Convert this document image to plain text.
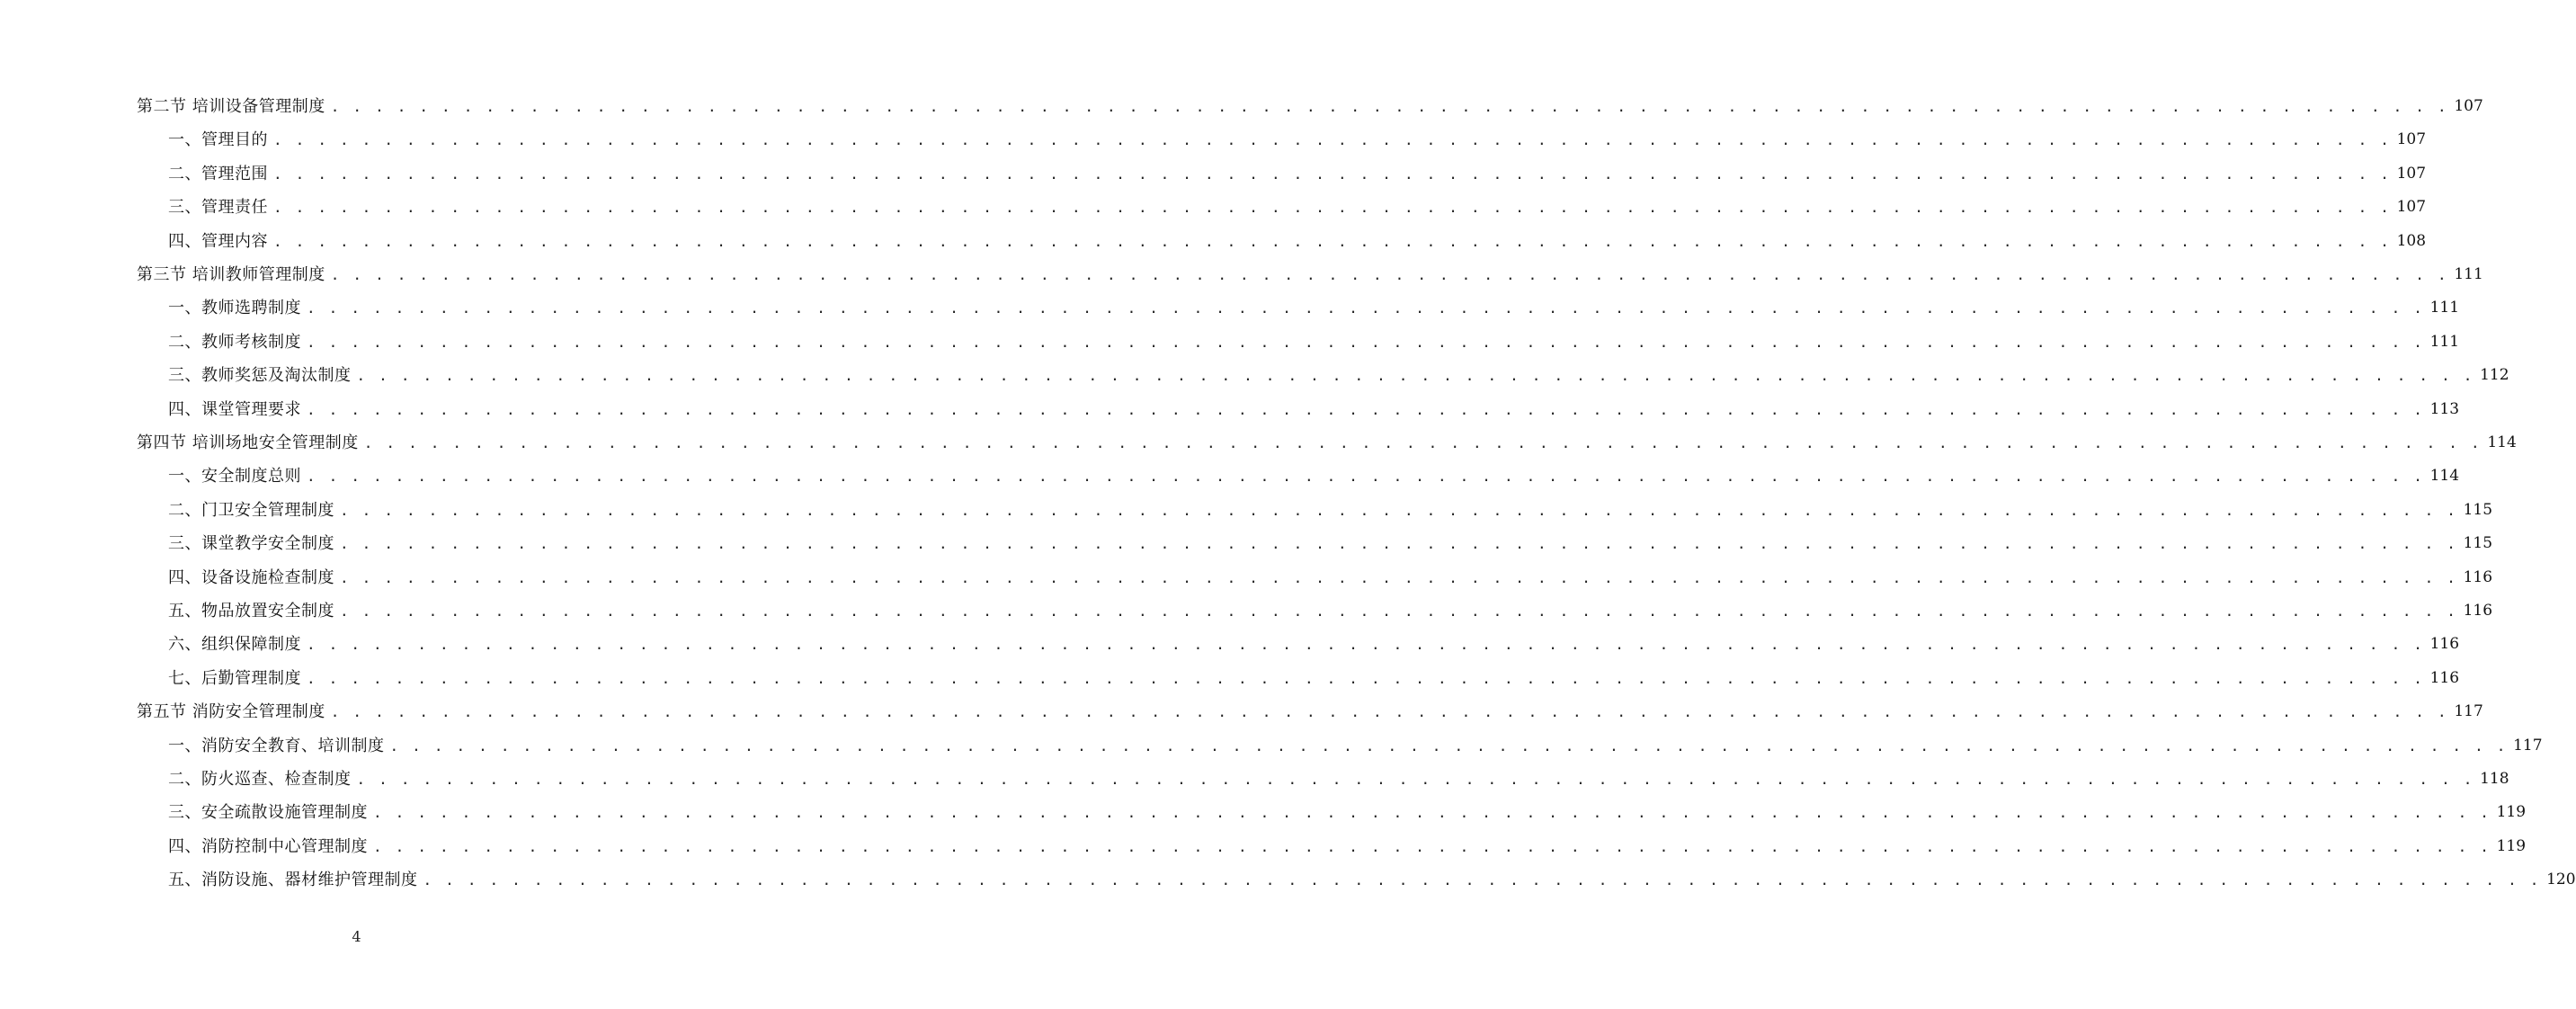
第二节 培训设备管理制度 . . . . . . . . . . . . . . . . . . . . . . . . . . . . . . . . . . . . . . . . . . . . . . . . . . . . . . . . . . . . . . . . . . . . . . . . . . . . . . . . . . . . . . . . . . . . . . . . 107
一、管理目的 . . . . . . . . . . . . . . . . . . . . . . . . . . . . . . . . . . . . . . . . . . . . . . . . . . . . . . . . . . . . . . . . . . . . . . . . . . . . . . . . . . . . . . . . . . . . . . . . 107
二、管理范围 . . . . . . . . . . . . . . . . . . . . . . . . . . . . . . . . . . . . . . . . . . . . . . . . . . . . . . . . . . . . . . . . . . . . . . . . . . . . . . . . . . . . . . . . . . . . . . . . 107
三、管理责任 . . . . . . . . . . . . . . . . . . . . . . . . . . . . . . . . . . . . . . . . . . . . . . . . . . . . . . . . . . . . . . . . . . . . . . . . . . . . . . . . . . . . . . . . . . . . . . . . 107
四、管理内容 . . . . . . . . . . . . . . . . . . . . . . . . . . . . . . . . . . . . . . . . . . . . . . . . . . . . . . . . . . . . . . . . . . . . . . . . . . . . . . . . . . . . . . . . . . . . . . . . 108
第三节 培训教师管理制度 . . . . . . . . . . . . . . . . . . . . . . . . . . . . . . . . . . . . . . . . . . . . . . . . . . . . . . . . . . . . . . . . . . . . . . . . . . . . . . . . . . . . . . . . . . . . . . . . 111
一、教师选聘制度 . . . . . . . . . . . . . . . . . . . . . . . . . . . . . . . . . . . . . . . . . . . . . . . . . . . . . . . . . . . . . . . . . . . . . . . . . . . . . . . . . . . . . . . . . . . . . . . . 111
二、教师考核制度 . . . . . . . . . . . . . . . . . . . . . . . . . . . . . . . . . . . . . . . . . . . . . . . . . . . . . . . . . . . . . . . . . . . . . . . . . . . . . . . . . . . . . . . . . . . . . . . . 111
三、教师奖惩及淘汰制度 . . . . . . . . . . . . . . . . . . . . . . . . . . . . . . . . . . . . . . . . . . . . . . . . . . . . . . . . . . . . . . . . . . . . . . . . . . . . . . . . . . . . . . . . . . . . . . . . 112
四、课堂管理要求 . . . . . . . . . . . . . . . . . . . . . . . . . . . . . . . . . . . . . . . . . . . . . . . . . . . . . . . . . . . . . . . . . . . . . . . . . . . . . . . . . . . . . . . . . . . . . . . . 113
第四节 培训场地安全管理制度 . . . . . . . . . . . . . . . . . . . . . . . . . . . . . . . . . . . . . . . . . . . . . . . . . . . . . . . . . . . . . . . . . . . . . . . . . . . . . . . . . . . . . . . . . . . . . . . . 114
一、安全制度总则 . . . . . . . . . . . . . . . . . . . . . . . . . . . . . . . . . . . . . . . . . . . . . . . . . . . . . . . . . . . . . . . . . . . . . . . . . . . . . . . . . . . . . . . . . . . . . . . . 114
二、门卫安全管理制度 . . . . . . . . . . . . . . . . . . . . . . . . . . . . . . . . . . . . . . . . . . . . . . . . . . . . . . . . . . . . . . . . . . . . . . . . . . . . . . . . . . . . . . . . . . . . . . . . 115
三、课堂教学安全制度 . . . . . . . . . . . . . . . . . . . . . . . . . . . . . . . . . . . . . . . . . . . . . . . . . . . . . . . . . . . . . . . . . . . . . . . . . . . . . . . . . . . . . . . . . . . . . . . . 115
四、设备设施检查制度 . . . . . . . . . . . . . . . . . . . . . . . . . . . . . . . . . . . . . . . . . . . . . . . . . . . . . . . . . . . . . . . . . . . . . . . . . . . . . . . . . . . . . . . . . . . . . . . . 116
五、物品放置安全制度 . . . . . . . . . . . . . . . . . . . . . . . . . . . . . . . . . . . . . . . . . . . . . . . . . . . . . . . . . . . . . . . . . . . . . . . . . . . . . . . . . . . . . . . . . . . . . . . . 116
六、组织保障制度 . . . . . . . . . . . . . . . . . . . . . . . . . . . . . . . . . . . . . . . . . . . . . . . . . . . . . . . . . . . . . . . . . . . . . . . . . . . . . . . . . . . . . . . . . . . . . . . . 116
七、后勤管理制度 . . . . . . . . . . . . . . . . . . . . . . . . . . . . . . . . . . . . . . . . . . . . . . . . . . . . . . . . . . . . . . . . . . . . . . . . . . . . . . . . . . . . . . . . . . . . . . . . 116
第五节 消防安全管理制度 . . . . . . . . . . . . . . . . . . . . . . . . . . . . . . . . . . . . . . . . . . . . . . . . . . . . . . . . . . . . . . . . . . . . . . . . . . . . . . . . . . . . . . . . . . . . . . . . 117
一、消防安全教育、培训制度 . . . . . . . . . . . . . . . . . . . . . . . . . . . . . . . . . . . . . . . . . . . . . . . . . . . . . . . . . . . . . . . . . . . . . . . . . . . . . . . . . . . . . . . . . . . . . . . . 117
二、防火巡查、检查制度 . . . . . . . . . . . . . . . . . . . . . . . . . . . . . . . . . . . . . . . . . . . . . . . . . . . . . . . . . . . . . . . . . . . . . . . . . . . . . . . . . . . . . . . . . . . . . . . . 118
三、安全疏散设施管理制度 . . . . . . . . . . . . . . . . . . . . . . . . . . . . . . . . . . . . . . . . . . . . . . . . . . . . . . . . . . . . . . . . . . . . . . . . . . . . . . . . . . . . . . . . . . . . . . . . 119
四、消防控制中心管理制度 . . . . . . . . . . . . . . . . . . . . . . . . . . . . . . . . . . . . . . . . . . . . . . . . . . . . . . . . . . . . . . . . . . . . . . . . . . . . . . . . . . . . . . . . . . . . . . . . 119
五、消防设施、器材维护管理制度 . . . . . . . . . . . . . . . . . . . . . . . . . . . . . . . . . . . . . . . . . . . . . . . . . . . . . . . . . . . . . . . . . . . . . . . . . . . . . . . . . . . . . . . . . . . . . . . . 120
4
